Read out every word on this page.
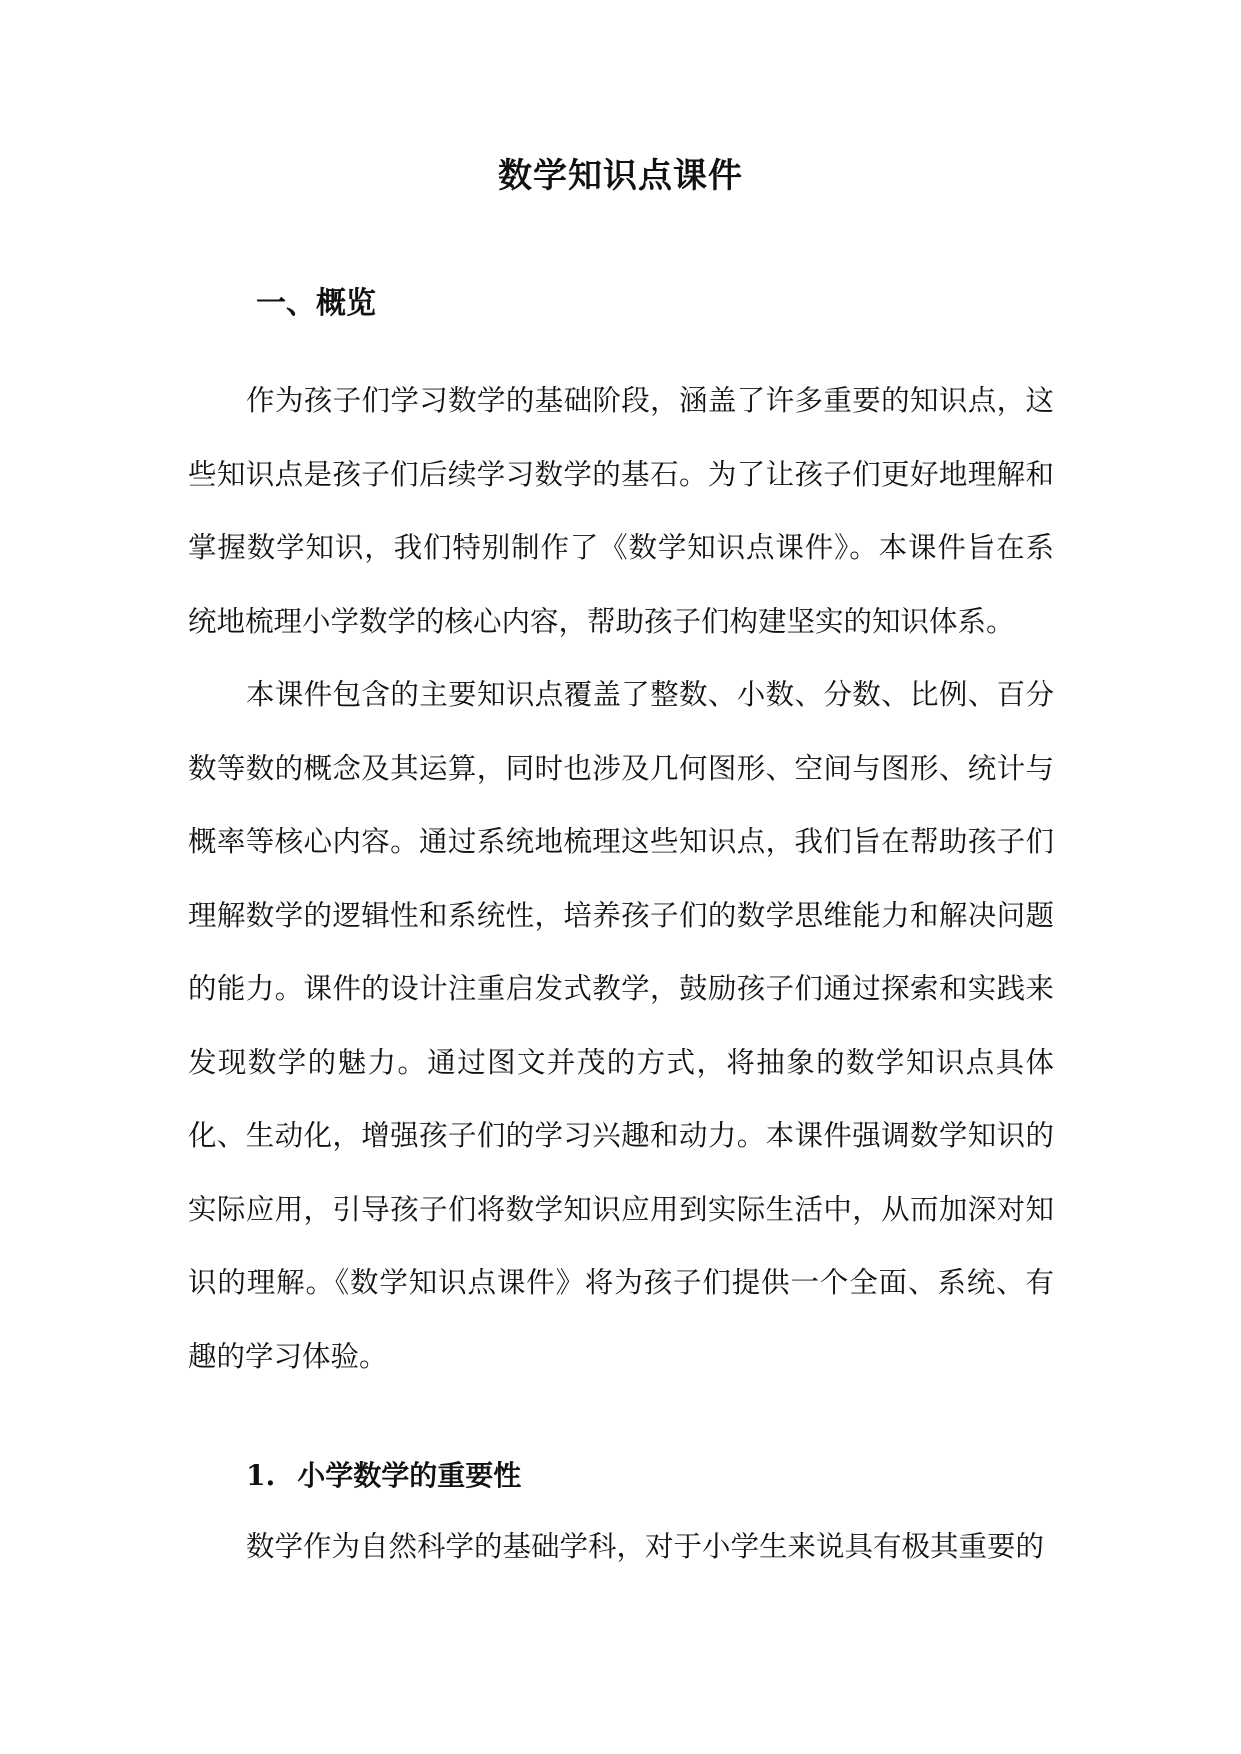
数学知识点课件
一、概览

作为孩子们学习数学的基础阶段，涵盖了许多重要的知识点，这些知识点是孩子们后续学习数学的基石。为了让孩子们更好地理解和掌握数学知识，我们特别制作了《数学知识点课件》。本课件旨在系统地梳理小学数学的核心内容，帮助孩子们构建坚实的知识体系。

本课件包含的主要知识点覆盖了整数、小数、分数、比例、百分数等数的概念及其运算，同时也涉及几何图形、空间与图形、统计与概率等核心内容。通过系统地梳理这些知识点，我们旨在帮助孩子们理解数学的逻辑性和系统性，培养孩子们的数学思维能力和解决问题的能力。课件的设计注重启发式教学，鼓励孩子们通过探索和实践来发现数学的魅力。通过图文并茂的方式，将抽象的数学知识点具体化、生动化，增强孩子们的学习兴趣和动力。本课件强调数学知识的实际应用，引导孩子们将数学知识应用到实际生活中，从而加深对知识的理解。《数学知识点课件》将为孩子们提供一个全面、系统、有趣的学习体验。

1. 小学数学的重要性

数学作为自然科学的基础学科，对于小学生来说具有极其重要的
